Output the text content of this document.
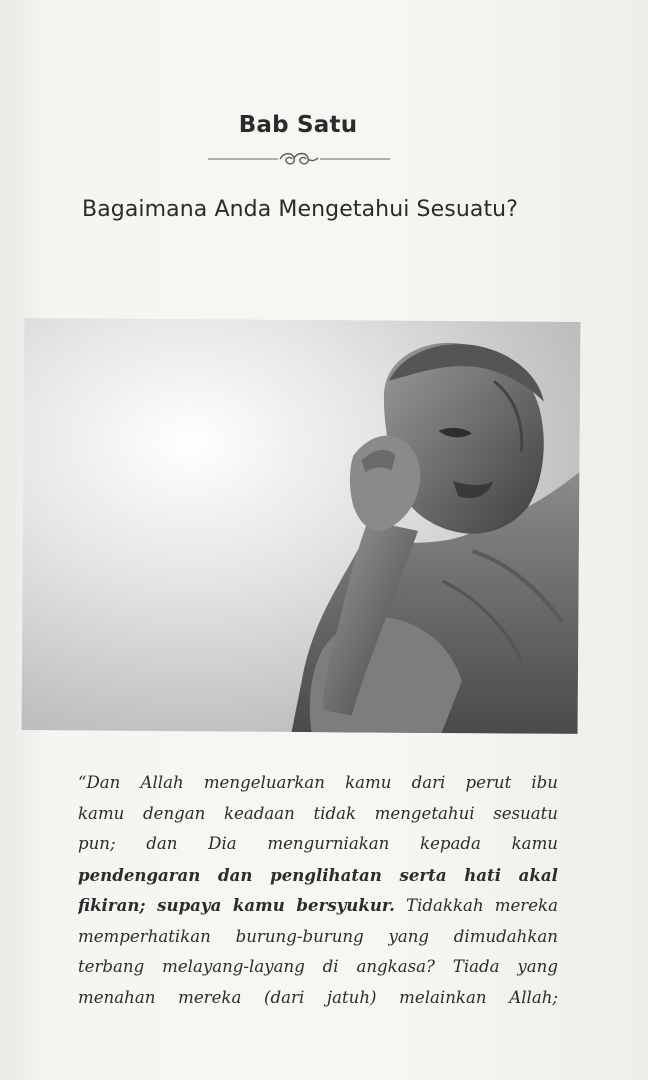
Bab Satu
Bagaimana Anda Mengetahui Sesuatu?
“Dan Allah mengeluarkan kamu dari perut ibu
kamu dengan keadaan tidak mengetahui sesuatu
pun; dan Dia mengurniakan kepada kamu
pendengaran dan penglihatan serta hati akal
fikiran; supaya kamu bersyukur. Tidakkah mereka
memperhatikan burung-burung yang dimudahkan
terbang melayang-layang di angkasa? Tiada yang
menahan mereka (dari jatuh) melainkan Allah;
